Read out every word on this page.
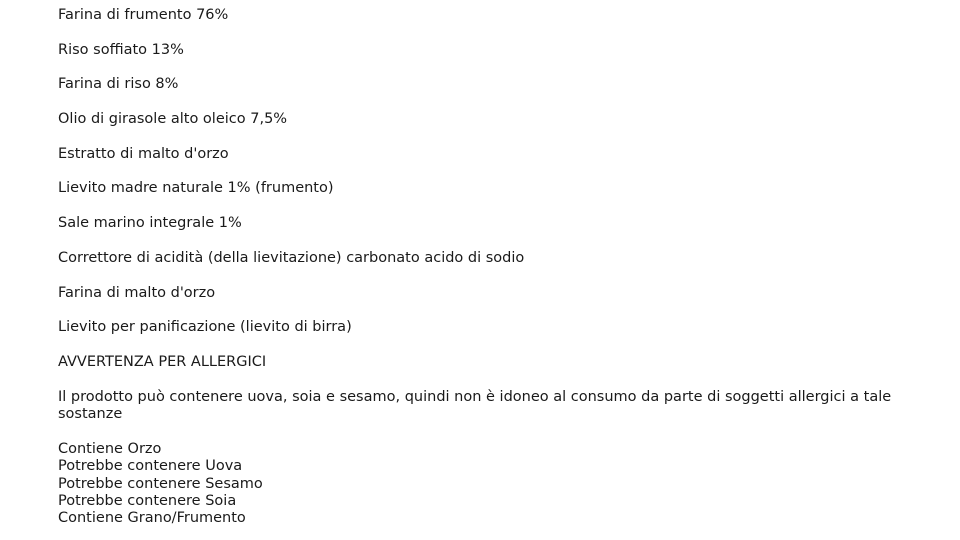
Farina di frumento 76%
Riso soffiato 13%
Farina di riso 8%
Olio di girasole alto oleico 7,5%
Estratto di malto d'orzo
Lievito madre naturale 1% (frumento)
Sale marino integrale 1%
Correttore di acidità (della lievitazione) carbonato acido di sodio
Farina di malto d'orzo
Lievito per panificazione (lievito di birra)
AVVERTENZA PER ALLERGICI
Il prodotto può contenere uova, soia e sesamo, quindi non è idoneo al consumo da parte di soggetti allergici a tale sostanze
Contiene Orzo
Potrebbe contenere Uova
Potrebbe contenere Sesamo
Potrebbe contenere Soia
Contiene Grano/Frumento
